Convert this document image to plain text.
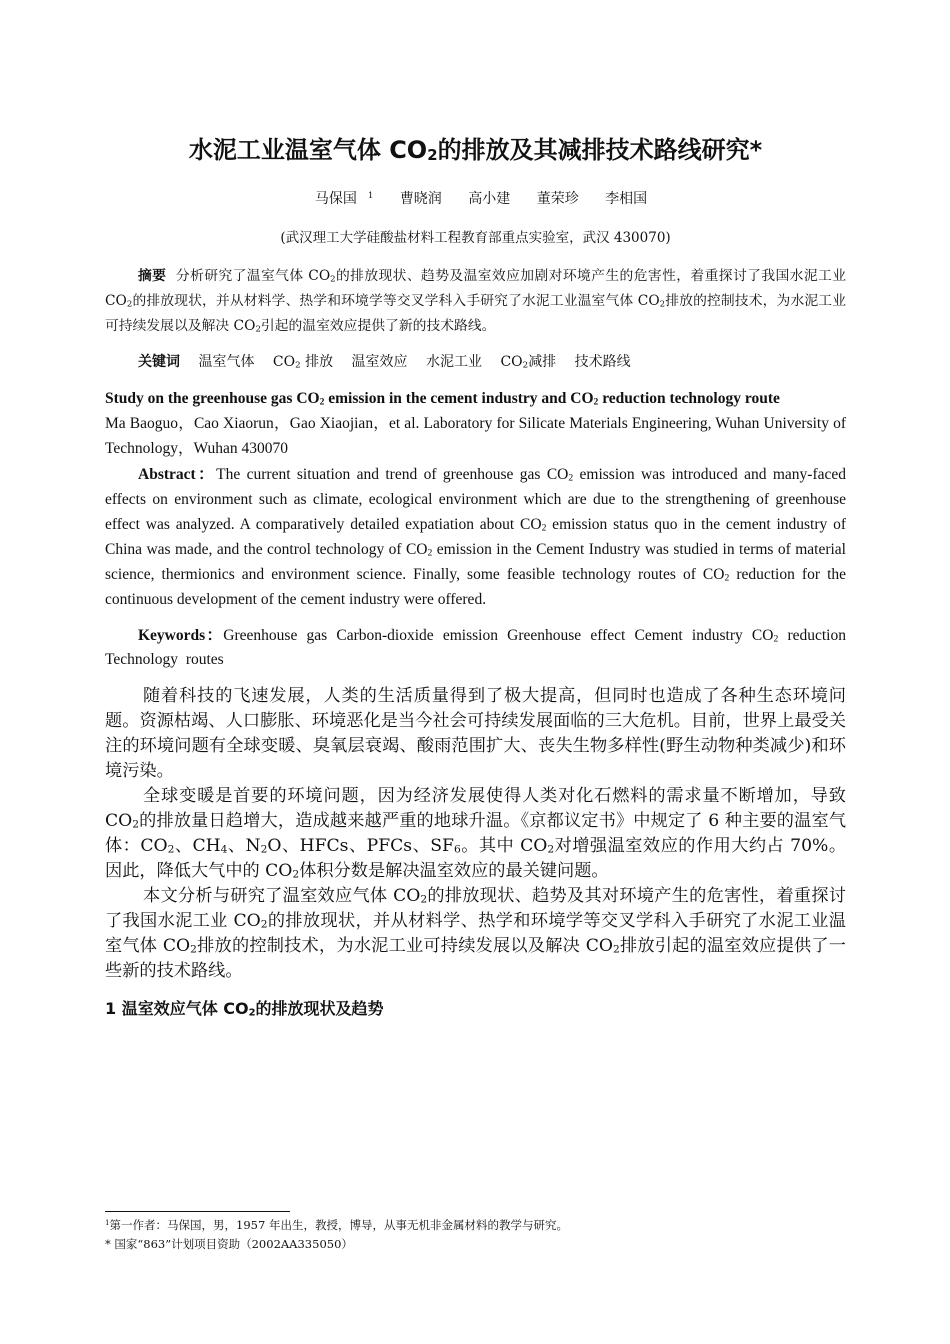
水泥工业温室气体 $CO_2$的排放及其减排技术路线研究*
马保国 $^1$ 曹晓润 高小建 董荣珍 李相国
(武汉理工大学硅酸盐材料工程教育部重点实验室，武汉 430070)

摘要 分析研究了温室气体 $CO_2$的排放现状、趋势及温室效应加剧对环境产生的危害性，着重探讨了我国水泥工业 $CO_2$的排放现状，并从材料学、热学和环境学等交叉学科入手研究了水泥工业温室气体 $CO_2$排放的控制技术，为水泥工业可持续发展以及解决 $CO_2$引起的温室效应提供了新的技术路线。

关键词 温室气体 $CO_2$ 排放 温室效应 水泥工业 $CO_2$减排 技术路线
Study on the greenhouse gas $CO_2$ emission in the cement industry and $CO_2$ reduction technology route
Ma Baoguo，Cao Xiaorun，Gao Xiaojian，et al. Laboratory for Silicate Materials Engineering, Wuhan University of Technology，Wuhan 430070

Abstract：The current situation and trend of greenhouse gas $CO_2$ emission was introduced and many-faced effects on environment such as climate, ecological environment which are due to the strengthening of greenhouse effect was analyzed. A comparatively detailed expatiation about $CO_2$ emission status quo in the cement industry of China was made, and the control technology of $CO_2$ emission in the Cement Industry was studied in terms of material science, thermionics and environment science. Finally, some feasible technology routes of $CO_2$ reduction for the continuous development of the cement industry were offered.

Keywords：Greenhouse gas Carbon-dioxide emission Greenhouse effect Cement industry $CO_2$ reduction Technology routes

随着科技的飞速发展，人类的生活质量得到了极大提高，但同时也造成了各种生态环境问题。资源枯竭、人口膨胀、环境恶化是当今社会可持续发展面临的三大危机。目前，世界上最受关注的环境问题有全球变暖、臭氧层衰竭、酸雨范围扩大、丧失生物多样性(野生动物种类减少)和环境污染。

全球变暖是首要的环境问题，因为经济发展使得人类对化石燃料的需求量不断增加，导致 $CO_2$的排放量日趋增大，造成越来越严重的地球升温。《京都议定书》中规定了 6 种主要的温室气体：$CO_2$、$CH_4$、$N_2O$、HFCs、PFCs、$SF_6$。其中 $CO_2$对增强温室效应的作用大约占 70%。因此，降低大气中的 $CO_2$体积分数是解决温室效应的最关键问题。

本文分析与研究了温室效应气体 $CO_2$的排放现状、趋势及其对环境产生的危害性，着重探讨了我国水泥工业 $CO_2$的排放现状，并从材料学、热学和环境学等交叉学科入手研究了水泥工业温室气体 $CO_2$排放的控制技术，为水泥工业可持续发展以及解决 $CO_2$排放引起的温室效应提供了一些新的技术路线。

1 温室效应气体 $CO_2$的排放现状及趋势
$^1$第一作者：马保国，男，1957 年出生，教授，博导，从事无机非金属材料的教学与研究。
* 国家“863”计划项目资助（2002AA335050）
